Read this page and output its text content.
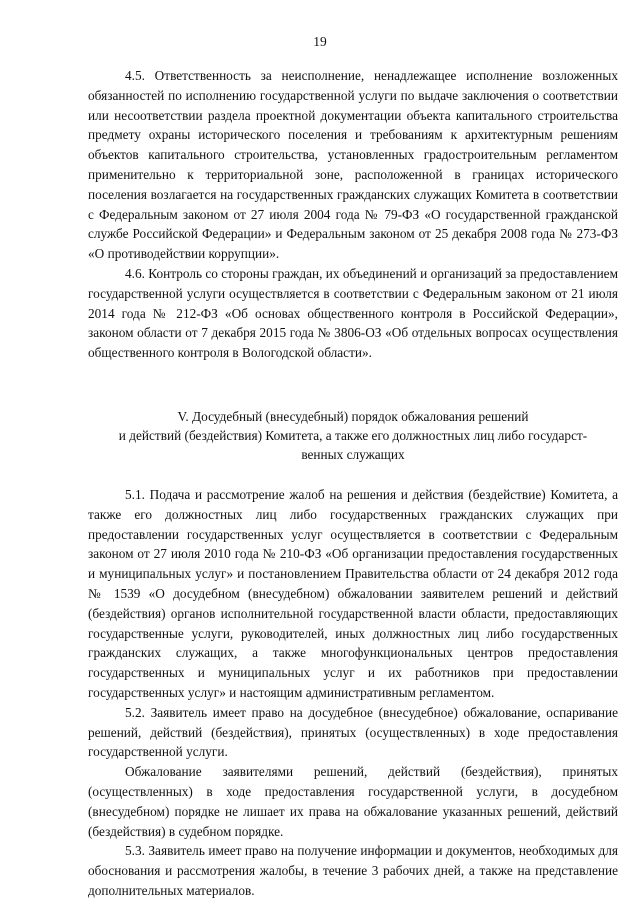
19

4.5. Ответственность за неисполнение, ненадлежащее исполнение возложенных обязанностей по исполнению государственной услуги по выдаче заключения о соответствии или несоответствии раздела проектной документации объекта капитального строительства предмету охраны исторического поселения и требованиям к архитектурным решениям объектов капитального строительства, установленных градостроительным регламентом применительно к территориальной зоне, расположенной в границах исторического поселения возлагается на государственных гражданских служащих Комитета в соответствии с Федеральным законом от 27 июля 2004 года № 79-ФЗ «О государственной гражданской службе Российской Федерации» и Федеральным законом от 25 декабря 2008 года № 273-ФЗ «О противодействии коррупции».

4.6. Контроль со стороны граждан, их объединений и организаций за предоставлением государственной услуги осуществляется в соответствии с Федеральным законом от 21 июля 2014 года № 212-ФЗ «Об основах общественного контроля в Российской Федерации», законом области от 7 декабря 2015 года № 3806-ОЗ «Об отдельных вопросах осуществления общественного контроля в Вологодской области».

V. Досудебный (внесудебный) порядок обжалования решений
и действий (бездействия) Комитета, а также его должностных лиц либо государст-
венных служащих

5.1. Подача и рассмотрение жалоб на решения и действия (бездействие) Комитета, а также его должностных лиц либо государственных гражданских служащих при предоставлении государственных услуг осуществляется в соответствии с Федеральным законом от 27 июля 2010 года № 210-ФЗ «Об организации предоставления государственных и муниципальных услуг» и постановлением Правительства области от 24 декабря 2012 года № 1539 «О досудебном (внесудебном) обжаловании заявителем решений и действий (бездействия) органов исполнительной государственной власти области, предоставляющих государственные услуги, руководителей, иных должностных лиц либо государственных гражданских служащих, а также многофункциональных центров предоставления государственных и муниципальных услуг и их работников при предоставлении государственных услуг» и настоящим административным регламентом.

5.2. Заявитель имеет право на досудебное (внесудебное) обжалование, оспаривание решений, действий (бездействия), принятых (осуществленных) в ходе предоставления государственной услуги.

Обжалование заявителями решений, действий (бездействия), принятых (осуществленных) в ходе предоставления государственной услуги, в досудебном (внесудебном) порядке не лишает их права на обжалование указанных решений, действий (бездействия) в судебном порядке.

5.3. Заявитель имеет право на получение информации и документов, необходимых для обоснования и рассмотрения жалобы, в течение 3 рабочих дней, а также на представление дополнительных материалов.
